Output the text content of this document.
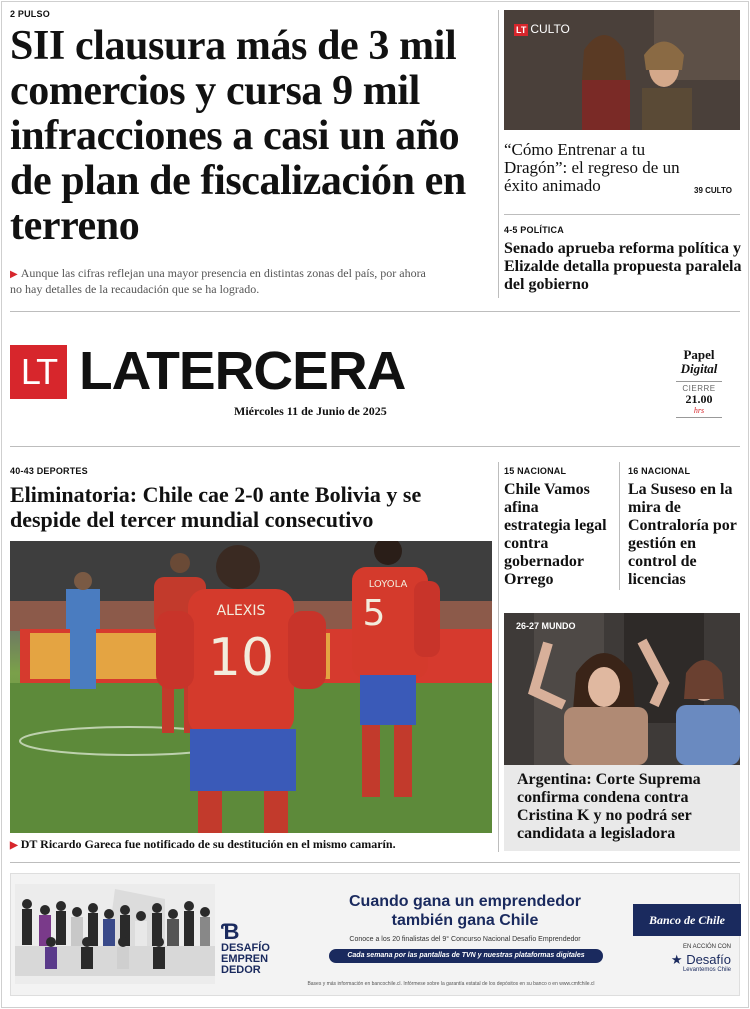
2 PULSO
SII clausura más de 3 mil comercios y cursa 9 mil infracciones a casi un año de plan de fiscalización en terreno
▶ Aunque las cifras reflejan una mayor presencia en distintas zonas del país, por ahora no hay detalles de la recaudación que se ha logrado.
LT CULTO
“Cómo Entrenar a tu Dragón”: el regreso de un éxito animado	39 CULTO
4-5 POLÍTICA
Senado aprueba reforma política y Elizalde detalla propuesta paralela del gobierno
LT LATERCERA
Miércoles 11 de Junio de 2025
Papel
Digital
CIERRE
21.00
hrs
40-43 DEPORTES
Eliminatoria: Chile cae 2-0 ante Bolivia y se despide del tercer mundial consecutivo
ALEXIS
10
LOYOLA
5
▶ DT Ricardo Gareca fue notificado de su destitución en el mismo camarín.
15 NACIONAL
Chile Vamos afina estrategia legal contra gobernador Orrego
16 NACIONAL
La Suseso en la mira de Contraloría por gestión en control de licencias
26-27 MUNDO
Argentina: Corte Suprema confirma condena contra Cristina K y no podrá ser candidata a legisladora
Ɓ
DESAFÍO
EMPREN
DEDOR
Cuando gana un emprendedor
también gana Chile
Conoce a los 20 finalistas del 9° Concurso Nacional Desafío Emprendedor
Cada semana por las pantallas de TVN y nuestras plataformas digitales
Bases y más información en bancochile.cl. Infórmese sobre la garantía estatal de los depósitos en su banco o en www.cmfchile.cl
Banco de Chile
EN ACCIÓN CON
★ Desafío
Levantemos Chile
